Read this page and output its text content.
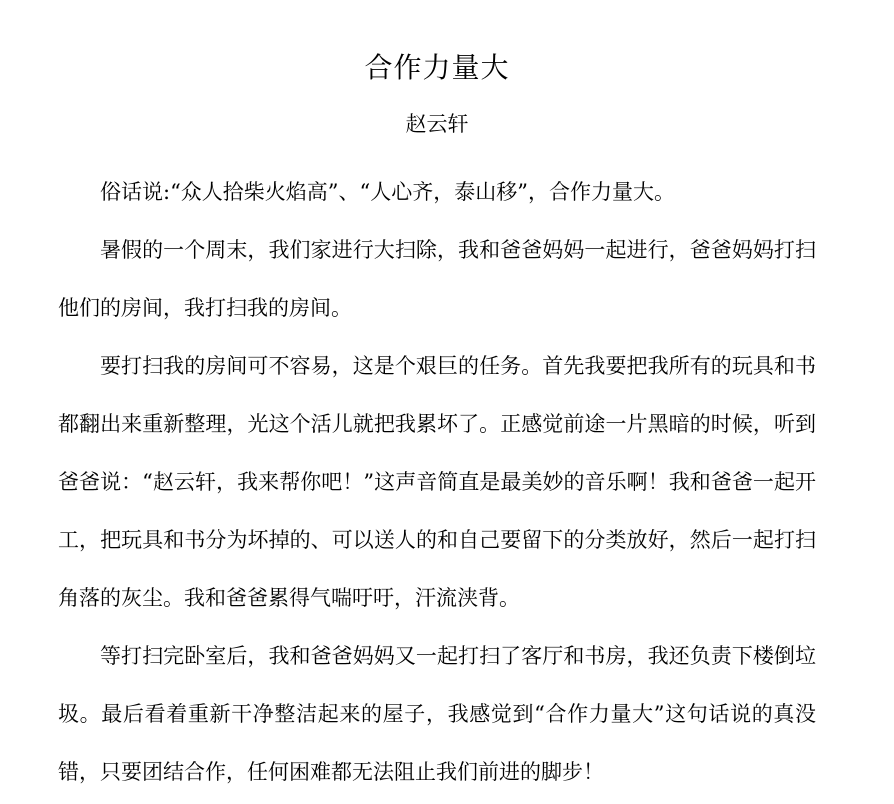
合作力量大
赵云轩

俗话说:“众人拾柴火焰高”、“人心齐，泰山移”，合作力量大。

暑假的一个周末，我们家进行大扫除，我和爸爸妈妈一起进行，爸爸妈妈打扫他们的房间，我打扫我的房间。

要打扫我的房间可不容易，这是个艰巨的任务。首先我要把我所有的玩具和书都翻出来重新整理，光这个活儿就把我累坏了。正感觉前途一片黑暗的时候，听到爸爸说：“赵云轩，我来帮你吧！”这声音简直是最美妙的音乐啊！我和爸爸一起开工，把玩具和书分为坏掉的、可以送人的和自己要留下的分类放好，然后一起打扫角落的灰尘。我和爸爸累得气喘吁吁，汗流浃背。

等打扫完卧室后，我和爸爸妈妈又一起打扫了客厅和书房，我还负责下楼倒垃圾。最后看着重新干净整洁起来的屋子，我感觉到“合作力量大”这句话说的真没错，只要团结合作，任何困难都无法阻止我们前进的脚步！
